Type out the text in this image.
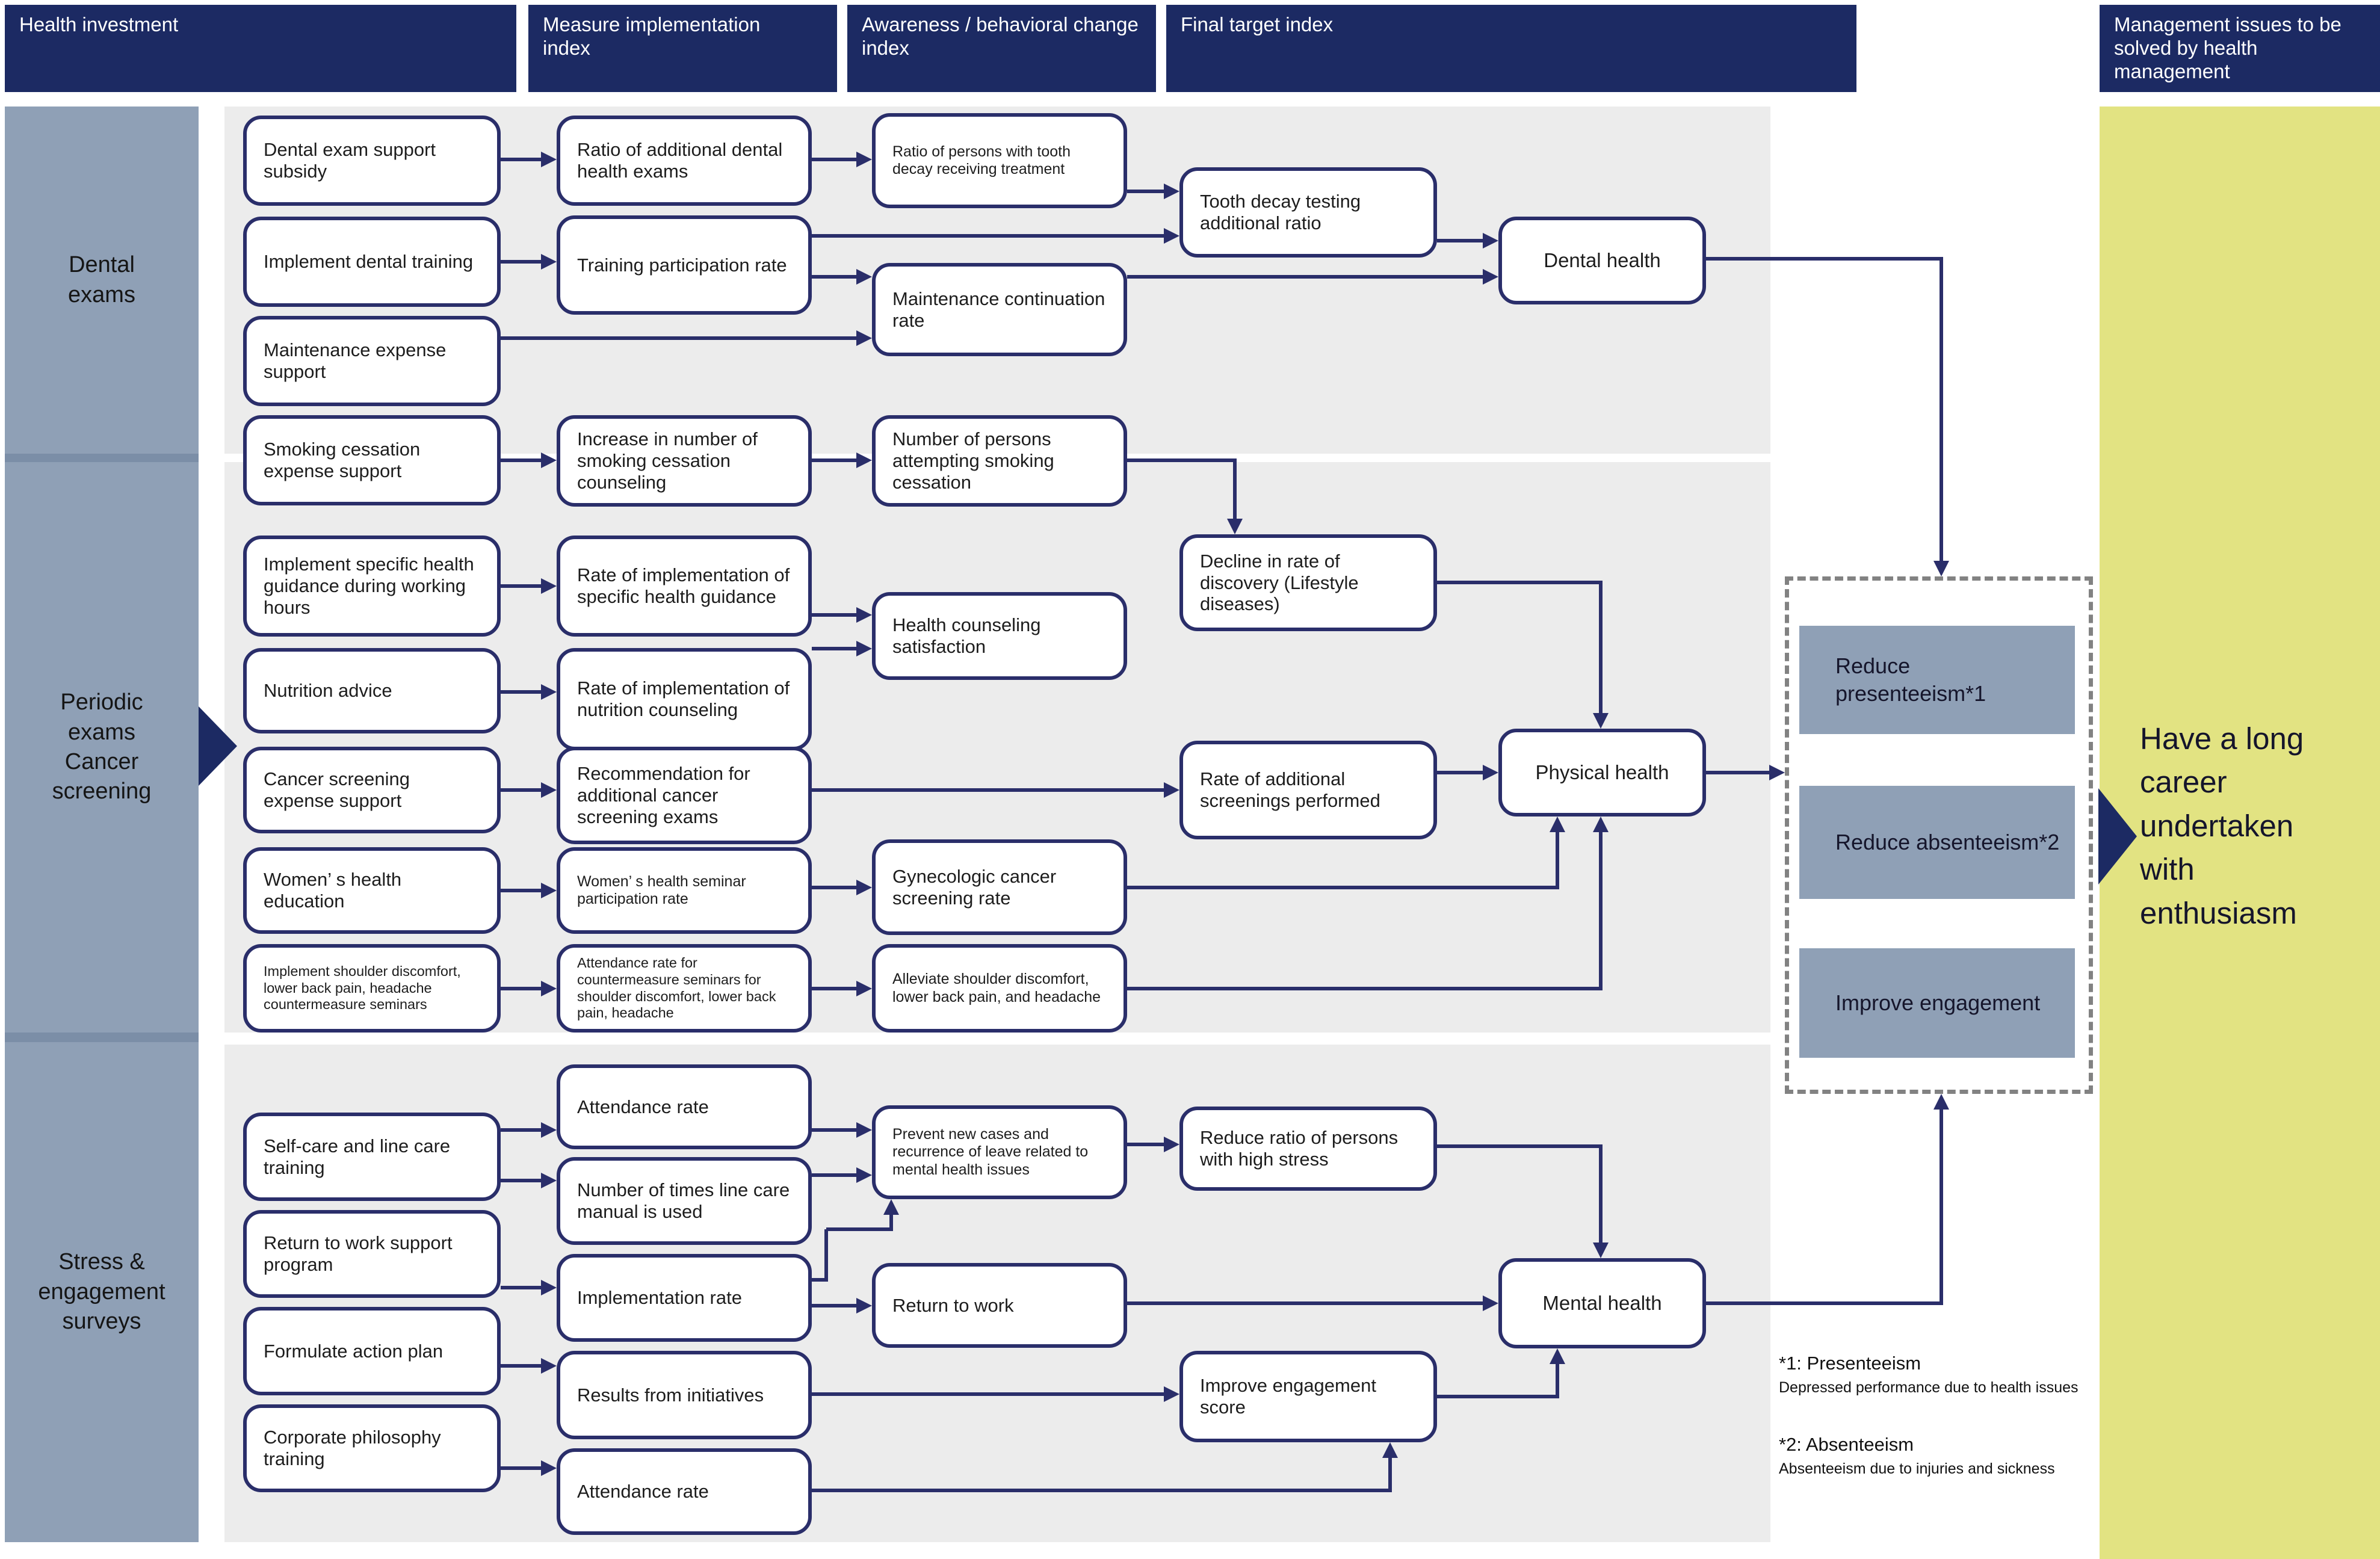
Health investment	Measure implementation index
Awareness / behavioral change index
Final target index	Management issues to be solved by health management
Dental exams
Periodic exams Cancer screening
Stress & engagement surveys
Have a long career undertaken with enthusiasm
Dental exam support subsidy
Implement dental training
Maintenance expense support
Smoking cessation expense support
Ratio of additional dental health exams
Training participation rate
Increase in number of smoking cessation counseling
Ratio of persons with tooth decay receiving treatment
Maintenance continuation rate
Number of persons attempting smoking cessation
Tooth decay testing additional ratio
Dental health
Implement specific health guidance during working hours
Nutrition advice
Cancer screening expense support
Women’ s health education
Implement shoulder discomfort, lower back pain, headache countermeasure seminars
Rate of implementation of specific health guidance
Rate of implementation of nutrition counseling
Recommendation for additional cancer screening exams
Women’ s health seminar participation rate
Attendance rate for countermeasure seminars for shoulder discomfort, lower back pain, headache
Health counseling satisfaction
Gynecologic cancer screening rate
Alleviate shoulder discomfort, lower back pain, and headache
Decline in rate of discovery (Lifestyle diseases)
Rate of additional screenings performed
Physical health
Self-care and line care training
Return to work support program
Formulate action plan
Corporate philosophy training
Attendance rate
Number of times line care manual is used
Implementation rate
Results from initiatives
Attendance rate
Prevent new cases and recurrence of leave related to mental health issues
Return to work
Reduce ratio of persons with high stress
Improve engagement score
Mental health
Reduce presenteeism*1
Reduce absenteeism*2
Improve engagement
*1: Presenteeism
Depressed performance due to health issues
*2: Absenteeism
Absenteeism due to injuries and sickness
